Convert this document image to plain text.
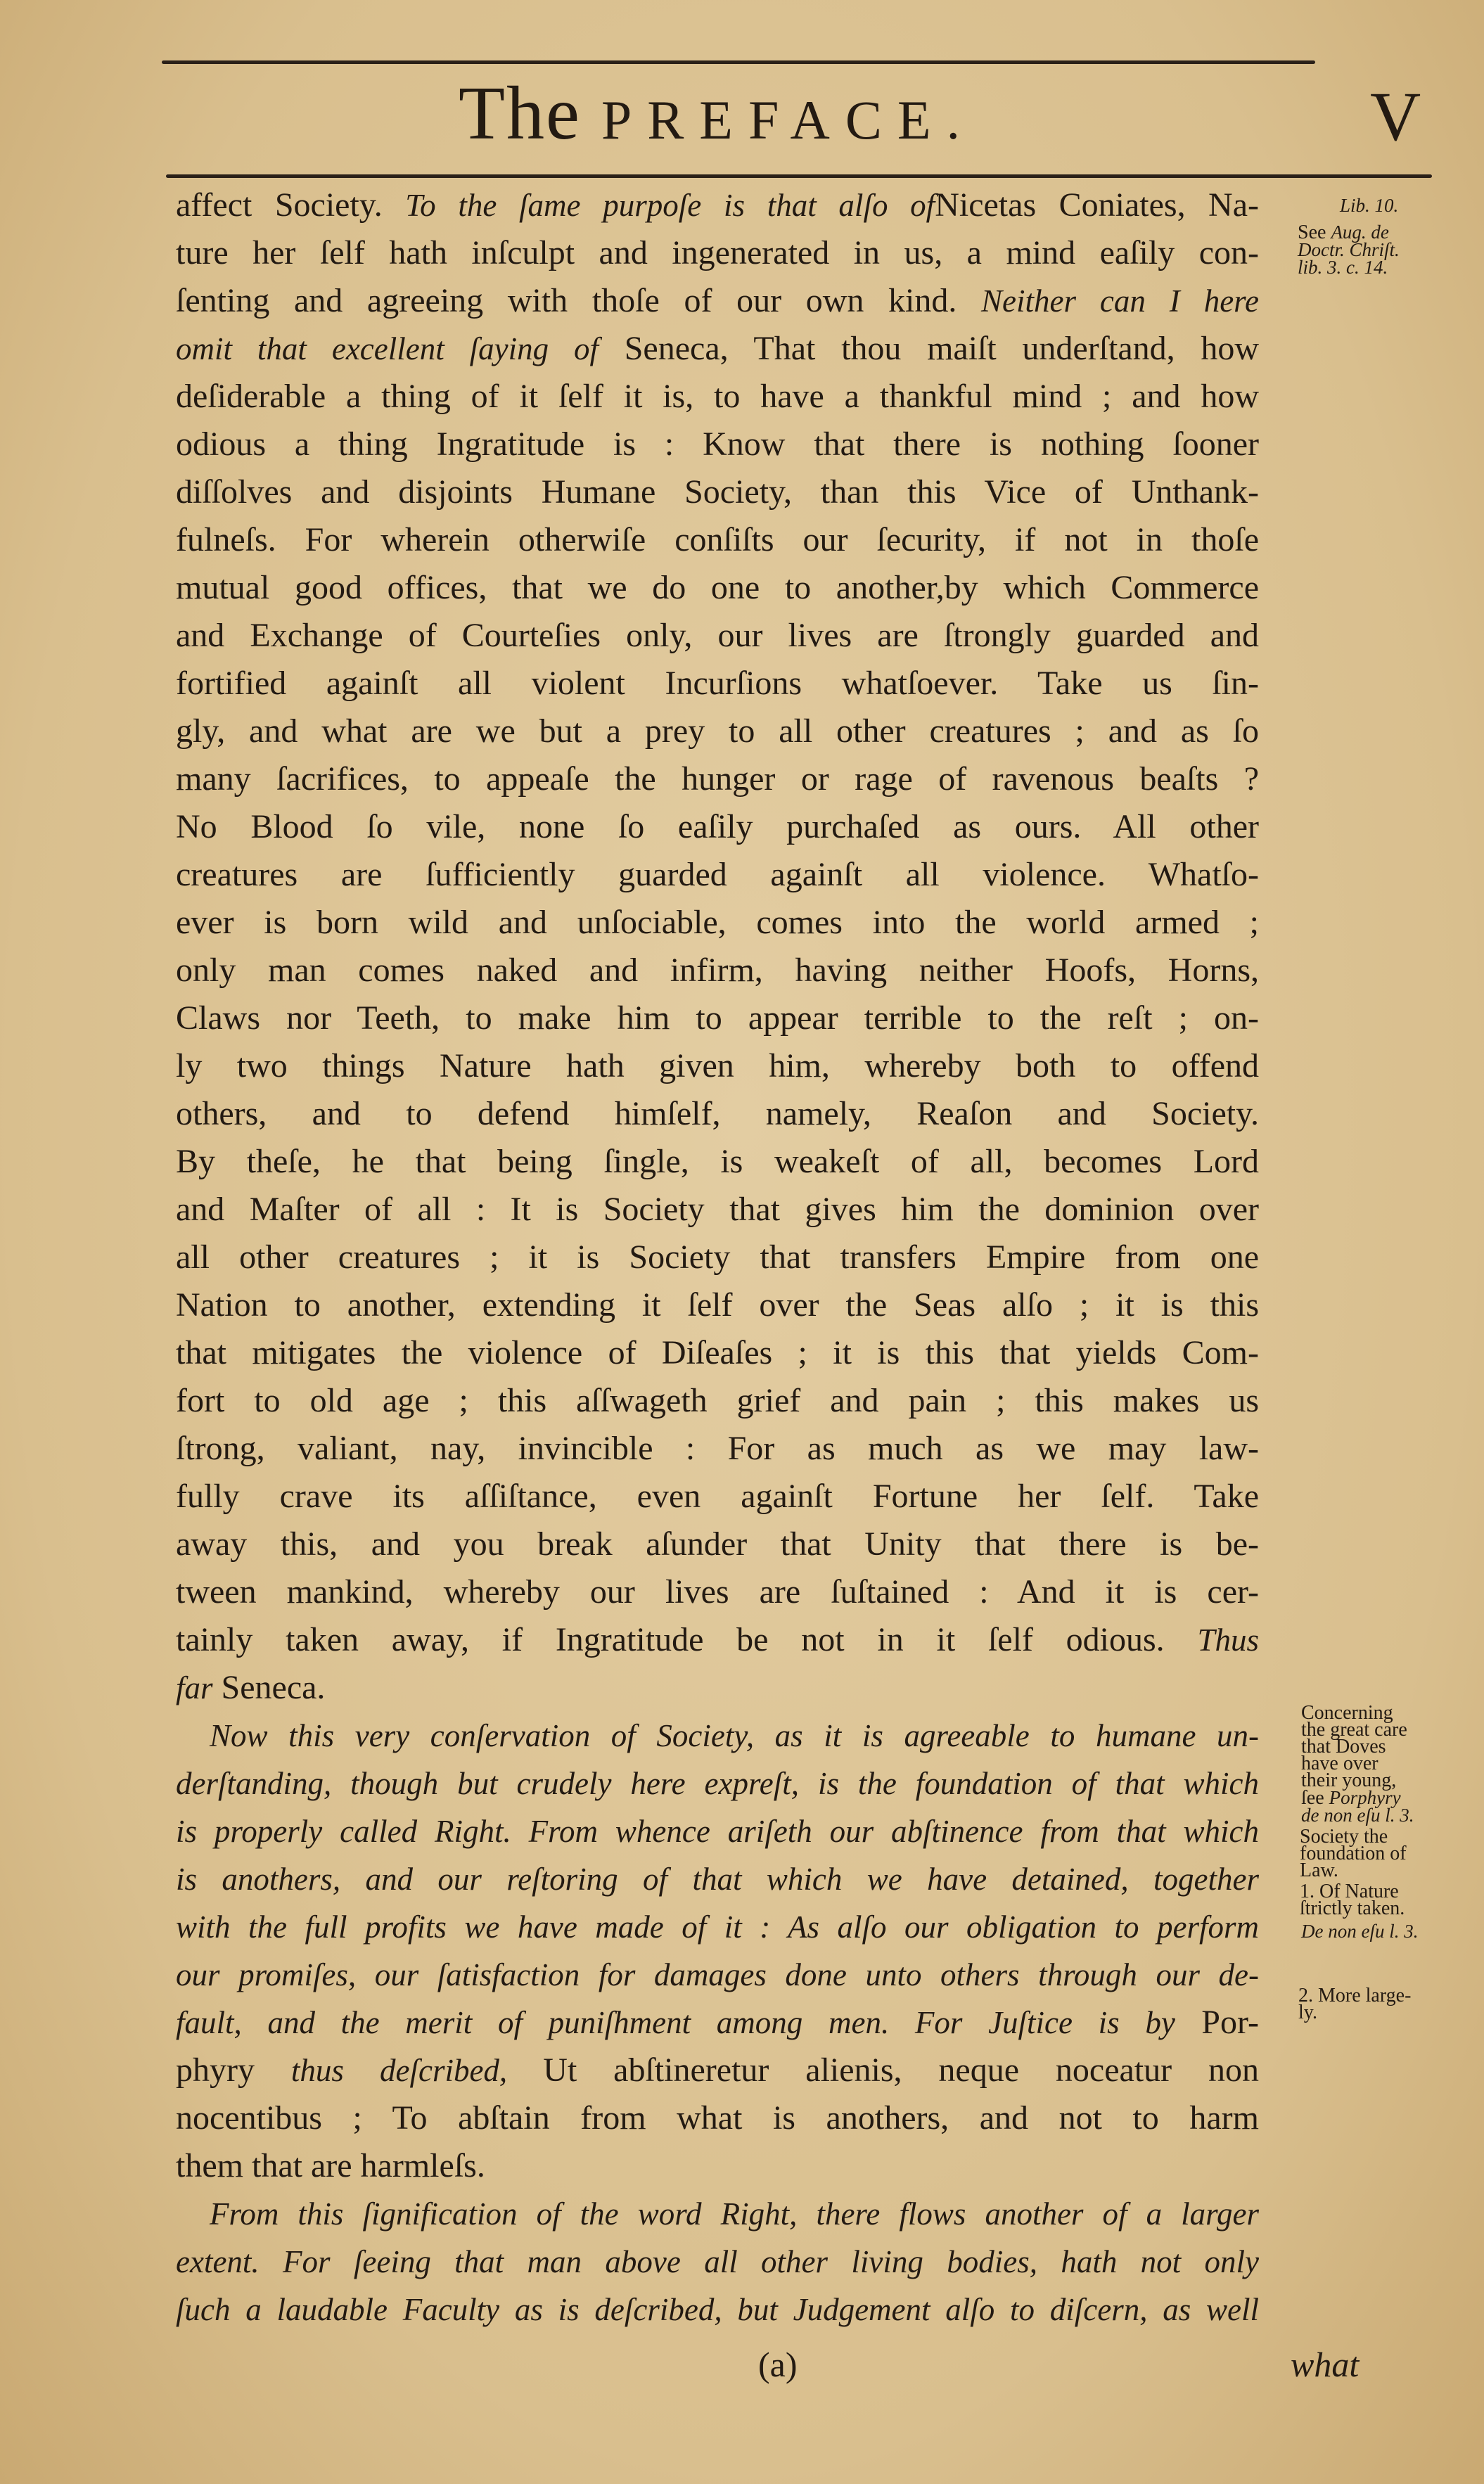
The PREFACE.	V
affect Society. To the ſame purpoſe is that alſo ofNicetas Coniates, Na-
ture her ſelf hath inſculpt and ingenerated in us, a mind eaſily con-
ſenting and agreeing with thoſe of our own kind. Neither can I here
omit that excellent ſaying of Seneca, That thou maiſt underſtand, how
deſiderable a thing of it ſelf it is, to have a thankful mind ; and how
odious a thing Ingratitude is : Know that there is nothing ſooner
diſſolves and disjoints Humane Society, than this Vice of Unthank-
fulneſs. For wherein otherwiſe conſiſts our ſecurity, if not in thoſe
mutual good offices, that we do one to another,by which Commerce
and Exchange of Courteſies only, our lives are ſtrongly guarded and
fortified againſt all violent Incurſions whatſoever. Take us ſin-
gly, and what are we but a prey to all other creatures ; and as ſo
many ſacrifices, to appeaſe the hunger or rage of ravenous beaſts ?
No Blood ſo vile, none ſo eaſily purchaſed as ours. All other
creatures are ſufficiently guarded againſt all violence. Whatſo-
ever is born wild and unſociable, comes into the world armed ;
only man comes naked and infirm, having neither Hoofs, Horns,
Claws nor Teeth, to make him to appear terrible to the reſt ; on-
ly two things Nature hath given him, whereby both to offend
others, and to defend himſelf, namely, Reaſon and Society.
By theſe, he that being ſingle, is weakeſt of all, becomes Lord
and Maſter of all : It is Society that gives him the dominion over
all other creatures ; it is Society that transfers Empire from one
Nation to another, extending it ſelf over the Seas alſo ; it is this
that mitigates the violence of Diſeaſes ; it is this that yields Com-
fort to old age ; this aſſwageth grief and pain ; this makes us
ſtrong, valiant, nay, invincible : For as much as we may law-
fully crave its aſſiſtance, even againſt Fortune her ſelf. Take
away this, and you break aſunder that Unity that there is be-
tween mankind, whereby our lives are ſuſtained : And it is cer-
tainly taken away, if Ingratitude be not in it ſelf odious. Thus
far Seneca.
Now this very conſervation of Society, as it is agreeable to humane un-
derſtanding, though but crudely here expreſt, is the foundation of that which
is properly called Right. From whence ariſeth our abſtinence from that which
is anothers, and our reſtoring of that which we have detained, together
with the full profits we have made of it : As alſo our obligation to perform
our promiſes, our ſatisfaction for damages done unto others through our de-
fault, and the merit of puniſhment among men. For Juſtice is by Por-
phyry thus deſcribed, Ut abſtineretur alienis, neque noceatur non
nocentibus ; To abſtain from what is anothers, and not to harm
them that are harmleſs.
From this ſignification of the word Right, there flows another of a larger
extent. For ſeeing that man above all other living bodies, hath not only
ſuch a laudable Faculty as is deſcribed, but Judgement alſo to diſcern, as well
Lib. 10.
See Aug. de
Doctr. Chriſt.
lib. 3. c. 14.
Concerning
the great care
that Doves
have over
their young,
ſee Porphyry
de non eſu l. 3.
Society the
foundation of
Law.
1. Of Nature
ſtrictly taken.
De non eſu l. 3.
2. More large-
ly.
(a)	what
